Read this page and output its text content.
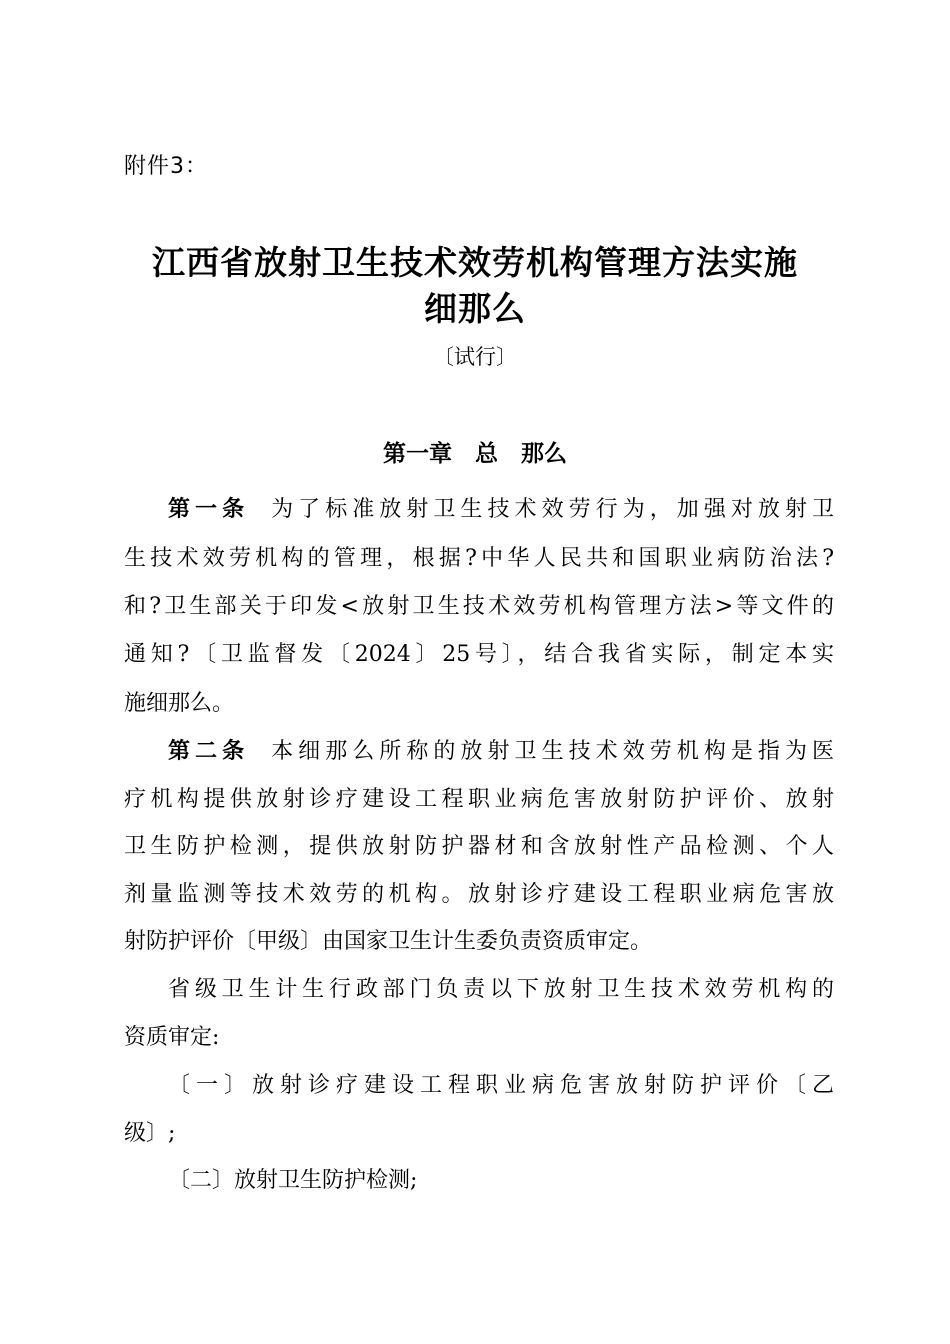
附件3：
江西省放射卫生技术效劳机构管理方法实施
细那么
〔试行〕
第一章　总　那么
第一条 为了标准放射卫生技术效劳行为，加强对放射卫
生技术效劳机构的管理，根据?中华人民共和国职业病防治法?
和?卫生部关于印发<放射卫生技术效劳机构管理方法>等文件的
通知?〔卫监督发〔2024〕25号〕，结合我省实际，制定本实
施细那么。
第二条 本细那么所称的放射卫生技术效劳机构是指为医
疗机构提供放射诊疗建设工程职业病危害放射防护评价、放射
卫生防护检测，提供放射防护器材和含放射性产品检测、个人
剂量监测等技术效劳的机构。放射诊疗建设工程职业病危害放
射防护评价〔甲级〕由国家卫生计生委负责资质审定。
省级卫生计生行政部门负责以下放射卫生技术效劳机构的
资质审定:
〔一〕放射诊疗建设工程职业病危害放射防护评价〔乙
级〕;
〔二〕放射卫生防护检测;
